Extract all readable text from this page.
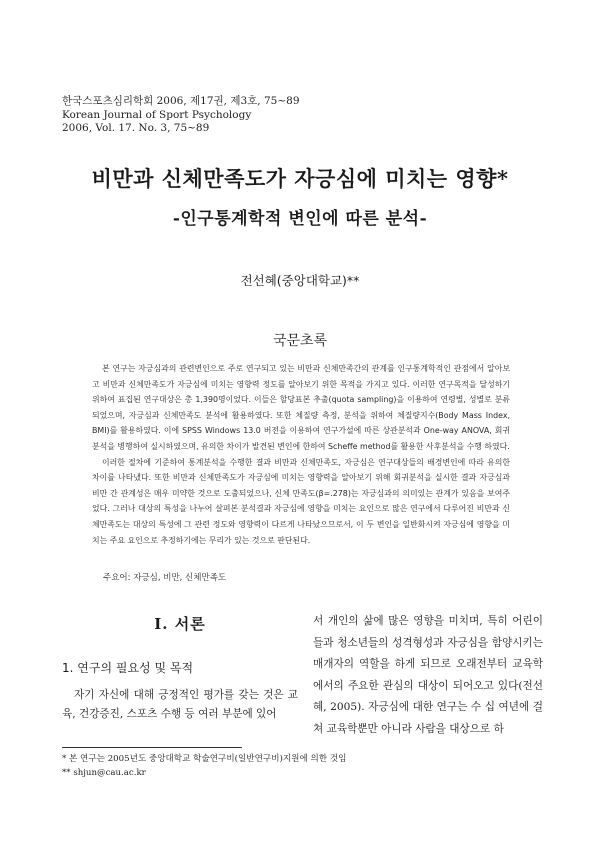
한국스포츠심리학회 2006, 제17권, 제3호, 75~89
Korean Journal of Sport Psychology
2006, Vol. 17. No. 3, 75~89
비만과 신체만족도가 자긍심에 미치는 영향*
-인구통계학적 변인에 따른 분석-
전선혜(중앙대학교)**
국문초록

본 연구는 자긍심과의 관련변인으로 주로 연구되고 있는 비만과 신체만족간의 관계를 인구통계학적인 관점에서 알아보고 비만과 신체만족도가 자긍심에 미치는 영향력 정도를 알아보기 위한 목적을 가지고 있다. 이러한 연구목적을 달성하기 위하여 표집된 연구대상은 총 1,390명이었다. 이들은 할당표본 추출(quota sampling)을 이용하여 연령별, 성별로 분류되었으며, 자긍심과 신체만족도 분석에 활용하였다. 또한 체질량 측정, 분석을 위하여 체질량지수(Body Mass Index, BMI)를 활용하였다. 이에 SPSS Windows 13.0 버전을 이용하여 연구가설에 따른 상관분석과 One-way ANOVA, 회귀분석을 병행하여 실시하였으며, 유의한 차이가 발견된 변인에 한하여 Scheffe method를 활용한 사후분석을 수행 하였다.

이러한 절차에 기준하여 통계분석을 수행한 결과 비만과 신체만족도, 자긍심은 연구대상들의 배경변인에 따라 유의한 차이를 나타냈다. 또한 비만과 신체만족도가 자긍심에 미치는 영향력을 알아보기 위해 회귀분석을 실시한 결과 자긍심과 비만 간 관계성은 매우 미약한 것으로 도출되었으나, 신체 만족도(β=.278)는 자긍심과의 의미있는 관계가 있음을 보여주었다. 그러나 대상의 특성을 나누어 살펴본 분석결과 자긍심에 영향을 미치는 요인으로 많은 연구에서 다루어진 비만과 신체만족도는 대상의 특성에 그 관련 정도와 영향력이 다르게 나타났으므로서, 이 두 변인을 일반화시켜 자긍심에 영향을 미치는 주요 요인으로 추정하기에는 무리가 있는 것으로 판단된다.

주요어: 자긍심, 비만, 신체만족도
Ⅰ. 서론
1. 연구의 필요성 및 목적

자기 자신에 대해 긍정적인 평가를 갖는 것은 교육, 건강증진, 스포츠 수행 등 여러 부분에 있어

서 개인의 삶에 많은 영향을 미치며, 특히 어린이들과 청소년들의 성격형성과 자긍심을 함양시키는 매개자의 역할을 하게 되므로 오래전부터 교육학에서의 주요한 관심의 대상이 되어오고 있다(전선혜, 2005). 자긍심에 대한 연구는 수 십 여년에 걸쳐 교육학뿐만 아니라 사람을 대상으로 하

* 본 연구는 2005년도 중앙대학교 학술연구비(일반연구비)지원에 의한 것임
** shjun@cau.ac.kr
